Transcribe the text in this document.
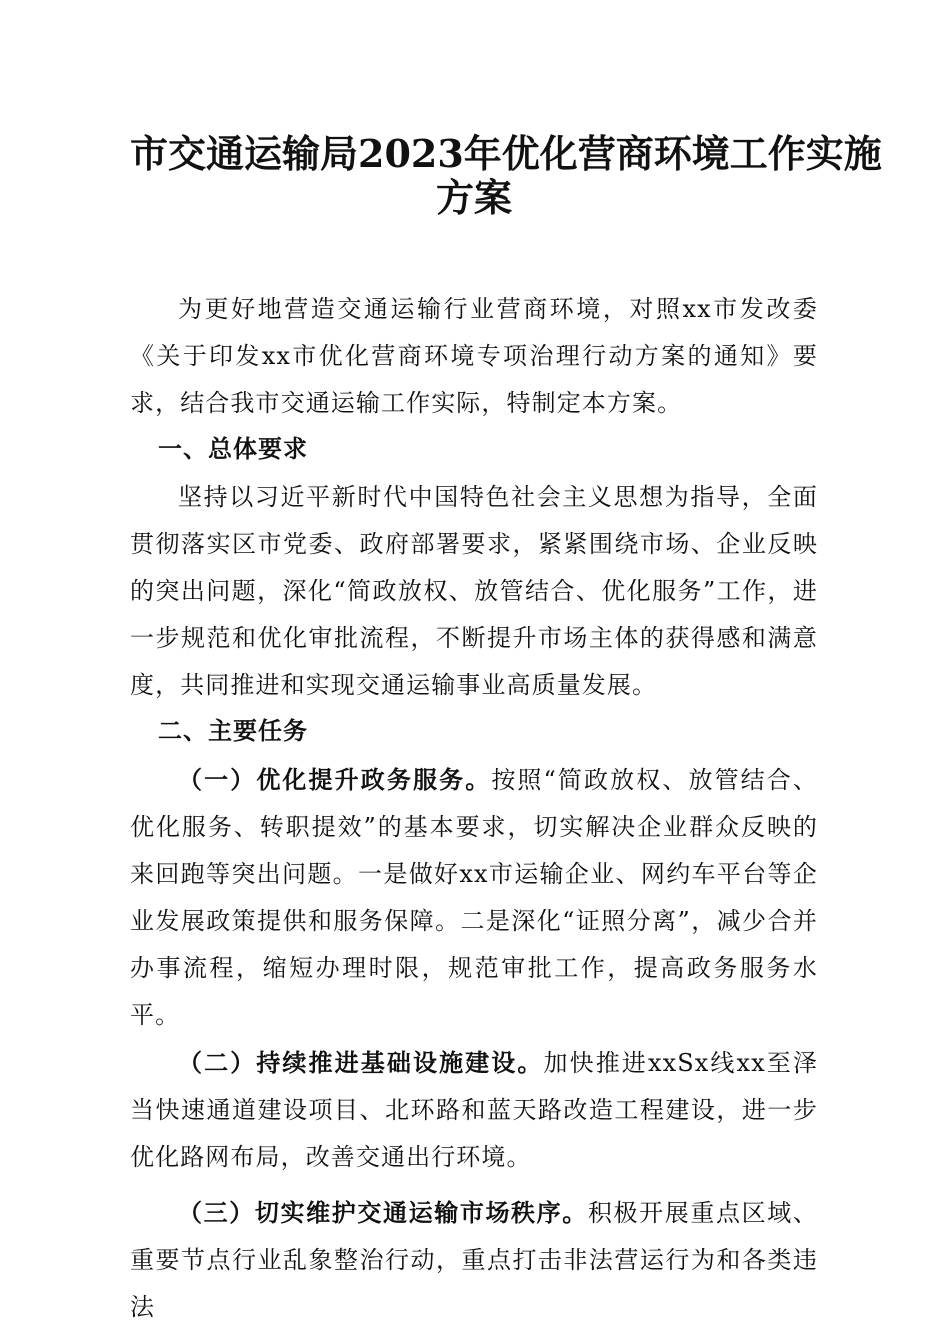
市交通运输局2023年优化营商环境工作实施
方案

为更好地营造交通运输行业营商环境，对照xx市发改委《关于印发xx市优化营商环境专项治理行动方案的通知》要求，结合我市交通运输工作实际，特制定本方案。

一、总体要求

坚持以习近平新时代中国特色社会主义思想为指导，全面贯彻落实区市党委、政府部署要求，紧紧围绕市场、企业反映的突出问题，深化“简政放权、放管结合、优化服务”工作，进一步规范和优化审批流程，不断提升市场主体的获得感和满意度，共同推进和实现交通运输事业高质量发展。

二、主要任务

（一）优化提升政务服务。按照“简政放权、放管结合、优化服务、转职提效”的基本要求，切实解决企业群众反映的来回跑等突出问题。一是做好xx市运输企业、网约车平台等企业发展政策提供和服务保障。二是深化“证照分离”，减少合并办事流程，缩短办理时限，规范审批工作，提高政务服务水平。

（二）持续推进基础设施建设。加快推进xxSx线xx至泽当快速通道建设项目、北环路和蓝天路改造工程建设，进一步优化路网布局，改善交通出行环境。

（三）切实维护交通运输市场秩序。积极开展重点区域、重要节点行业乱象整治行动，重点打击非法营运行为和各类违法
